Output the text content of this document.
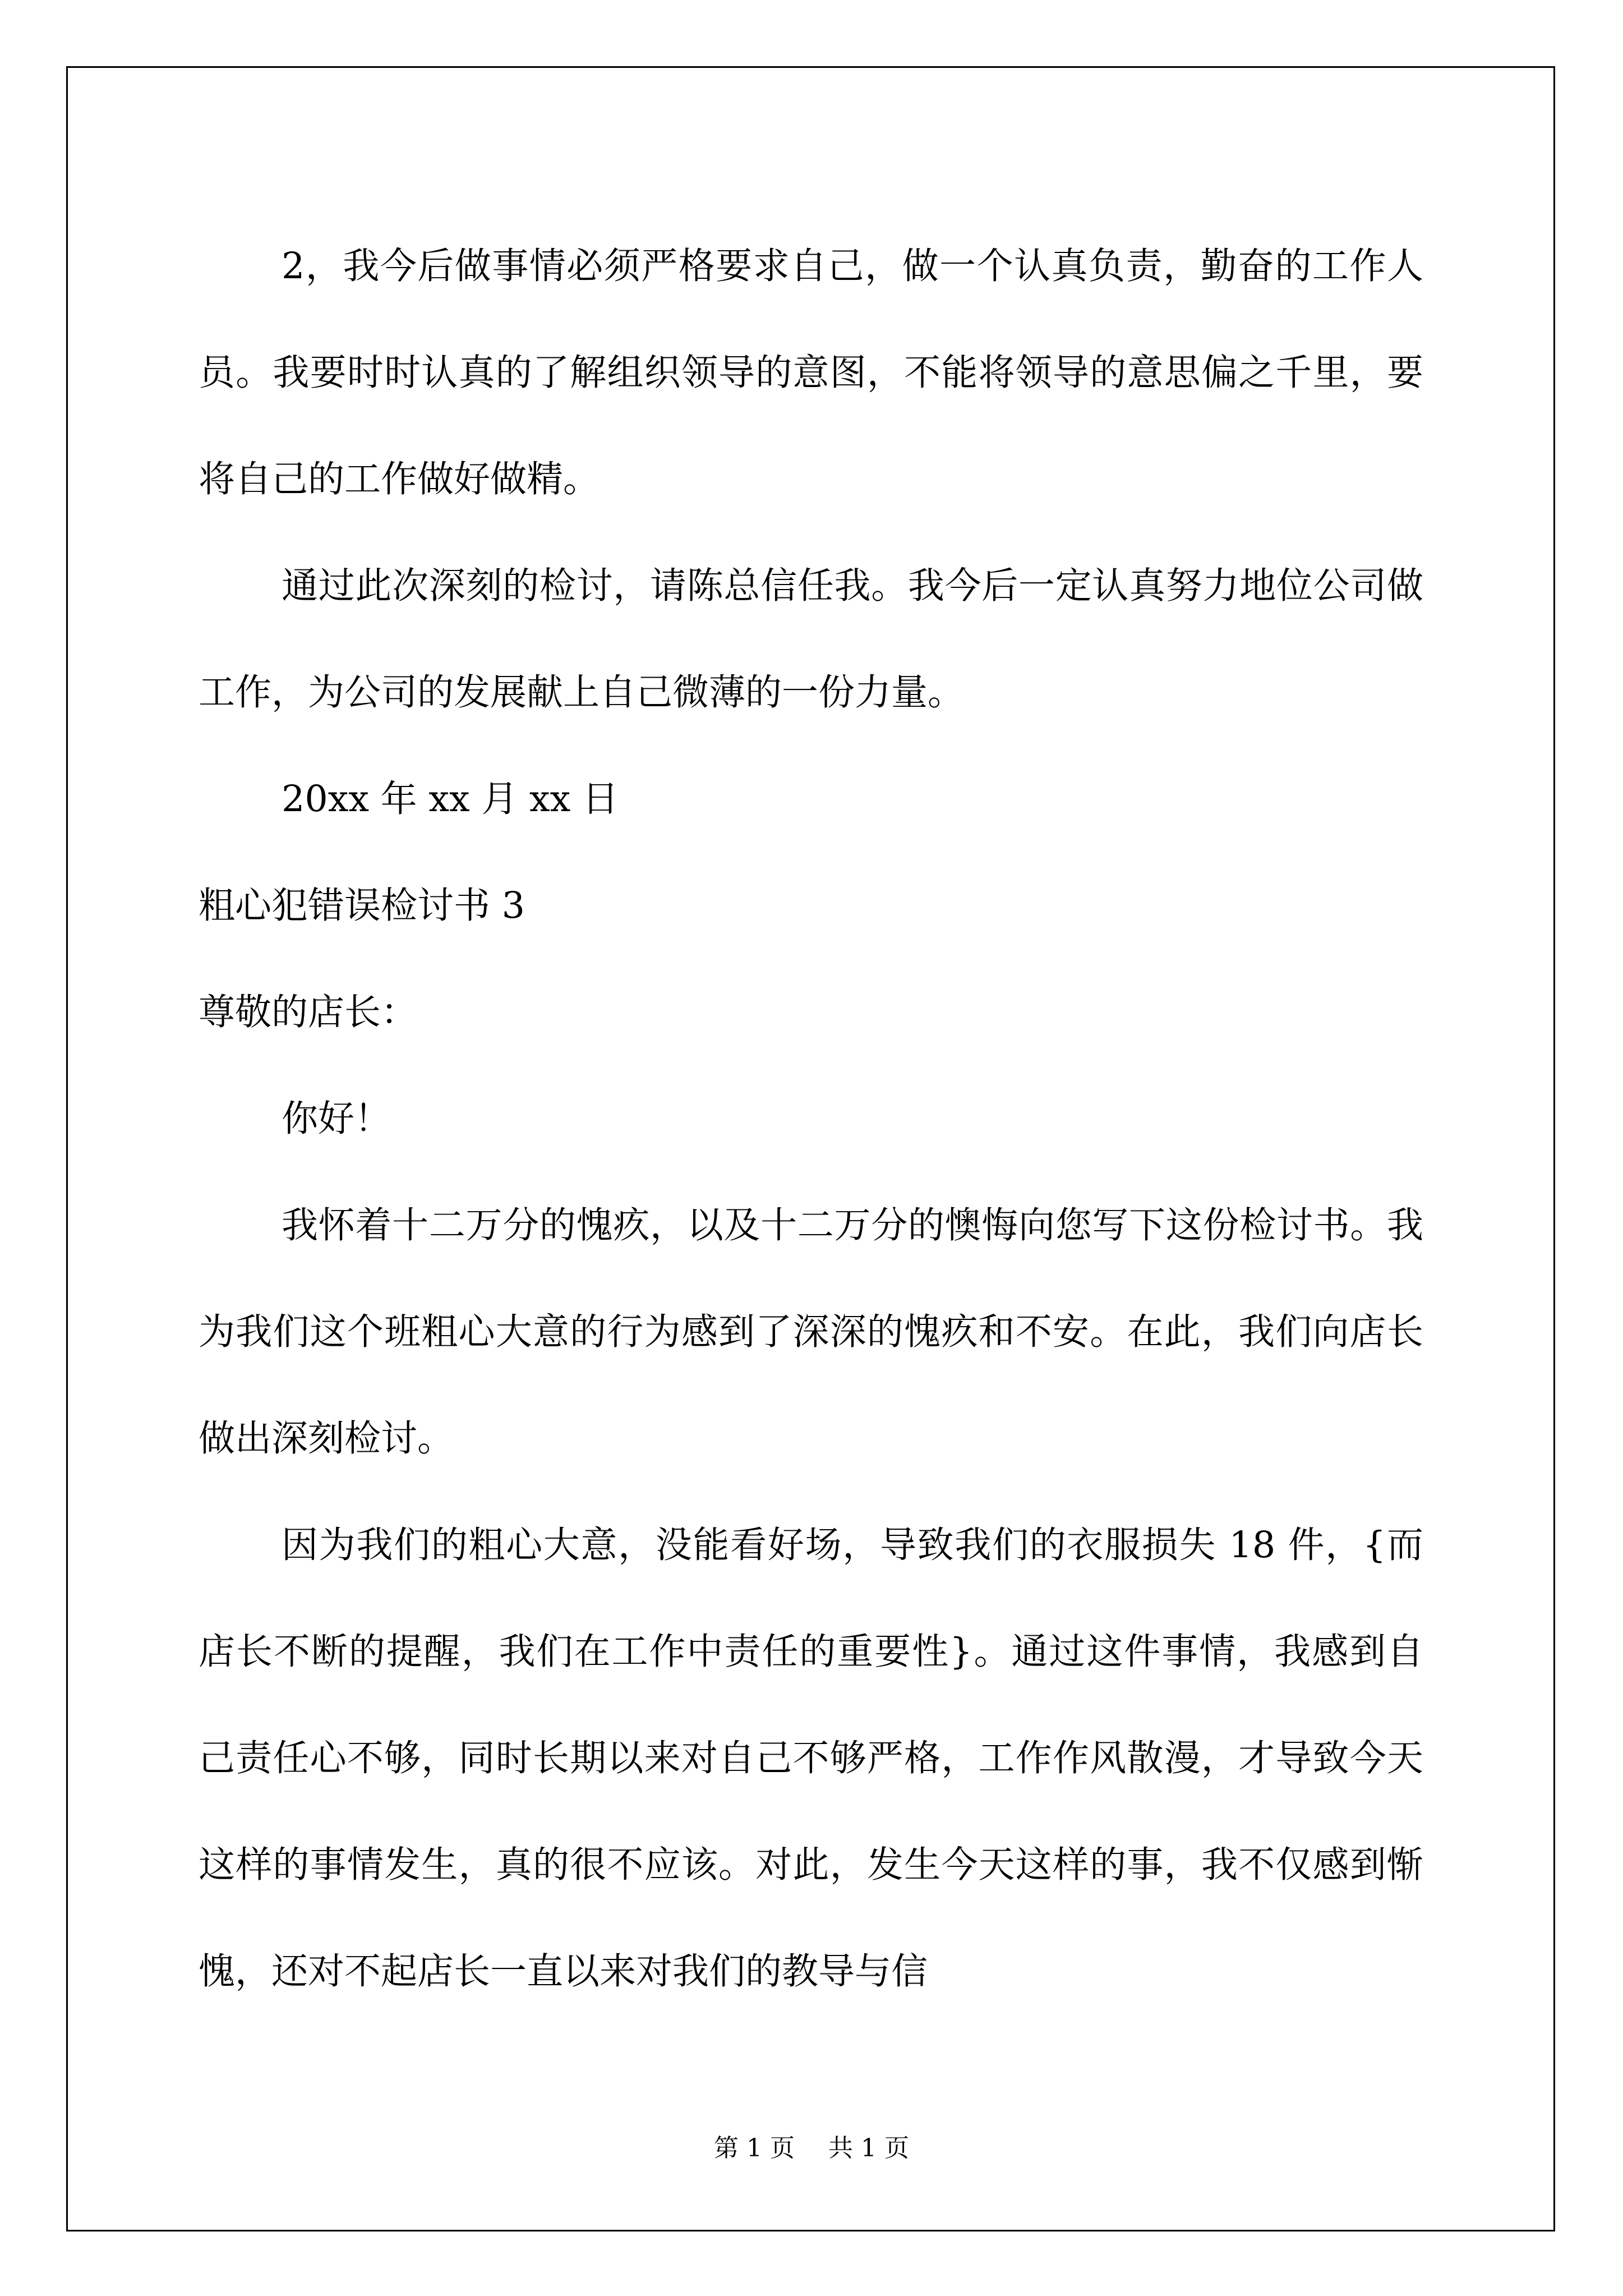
2，我今后做事情必须严格要求自己，做一个认真负责，勤奋的工作人员。我要时时认真的了解组织领导的意图，不能将领导的意思偏之千里，要将自己的工作做好做精。

通过此次深刻的检讨，请陈总信任我。我今后一定认真努力地位公司做工作，为公司的发展献上自己微薄的一份力量。

20xx 年 xx 月 xx 日

粗心犯错误检讨书 3

尊敬的店长：

你好！

我怀着十二万分的愧疚，以及十二万分的懊悔向您写下这份检讨书。我为我们这个班粗心大意的行为感到了深深的愧疚和不安。在此，我们向店长做出深刻检讨。

因为我们的粗心大意，没能看好场，导致我们的衣服损失 18 件，{而店长不断的提醒，我们在工作中责任的重要性}。通过这件事情，我感到自己责任心不够，同时长期以来对自己不够严格，工作作风散漫，才导致今天这样的事情发生，真的很不应该。对此，发生今天这样的事，我不仅感到惭愧，还对不起店长一直以来对我们的教导与信

第 1 页 共 1 页
